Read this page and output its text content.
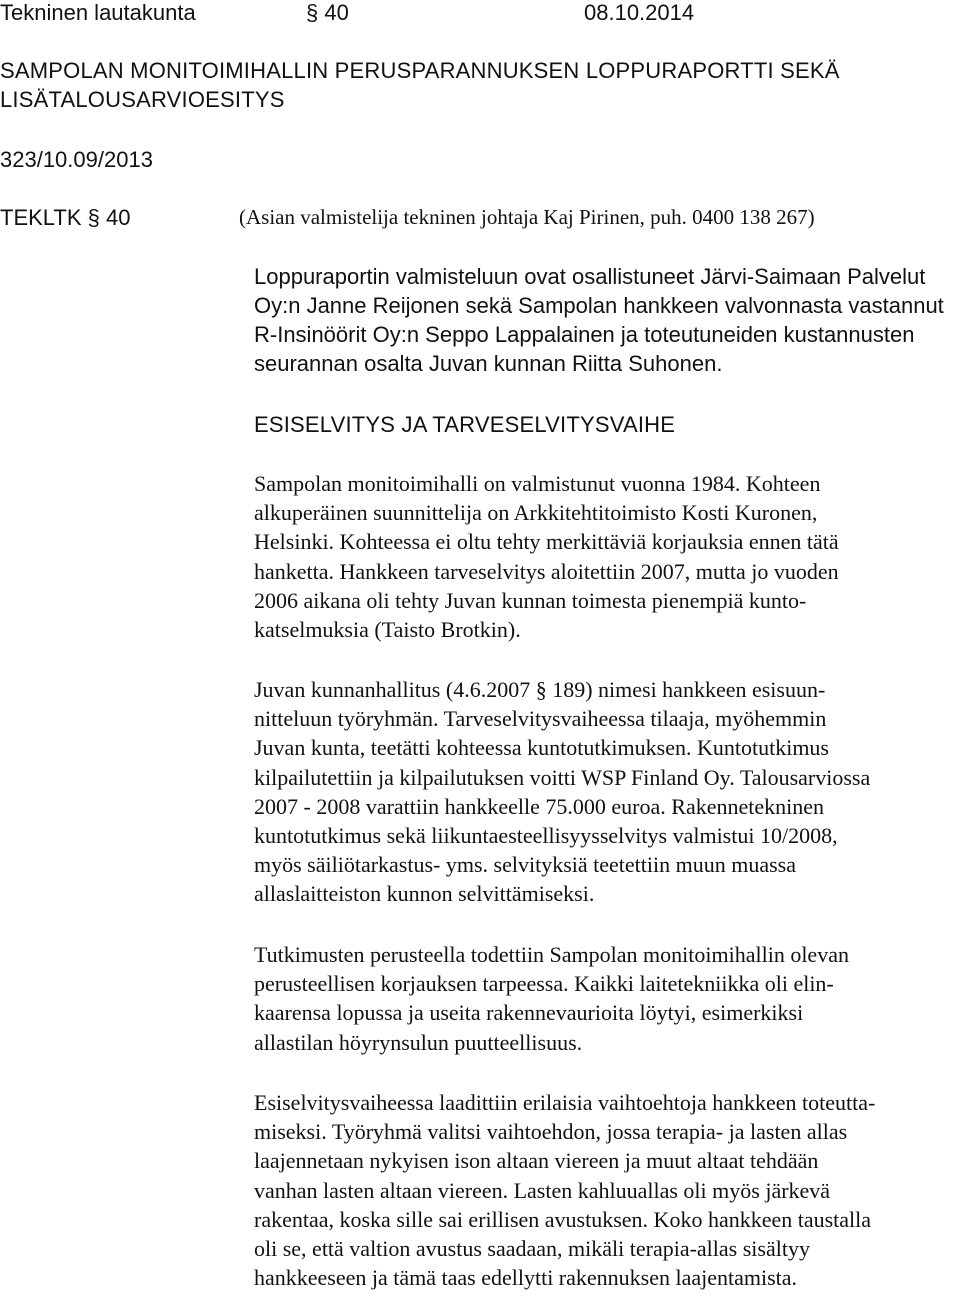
Tekninen lautakunta	§ 40	08.10.2014
SAMPOLAN MONITOIMIHALLIN PERUSPARANNUKSEN LOPPURAPORTTI SEKÄ
LISÄTALOUSARVIOESITYS
323/10.09/2013
TEKLTK § 40	(Asian valmistelija tekninen johtaja Kaj Pirinen, puh. 0400 138 267)

Loppuraportin valmisteluun ovat osallistuneet Järvi-Saimaan Palvelut

Oy:n Janne Reijonen sekä Sampolan hankkeen valvonnasta vastannut

R-Insinöörit Oy:n Seppo Lappalainen ja toteutuneiden kustannusten

seurannan osalta Juvan kunnan Riitta Suhonen.

ESISELVITYS JA TARVESELVITYSVAIHE

Sampolan monitoimihalli on valmistunut vuonna 1984. Kohteen

alkuperäinen suunnittelija on Arkkitehtitoimisto Kosti Kuronen,

Helsinki. Kohteessa ei oltu tehty merkittäviä korjauksia ennen tätä

hanketta. Hankkeen tarveselvitys aloitettiin 2007, mutta jo vuoden

2006 aikana oli tehty Juvan kunnan toimesta pienempiä kunto-

katselmuksia (Taisto Brotkin).

Juvan kunnanhallitus (4.6.2007 § 189) nimesi hankkeen esisuun-

nitteluun työryhmän. Tarveselvitysvaiheessa tilaaja, myöhemmin

Juvan kunta, teetätti kohteessa kuntotutkimuksen. Kuntotutkimus

kilpailutettiin ja kilpailutuksen voitti WSP Finland Oy. Talousarviossa

2007 - 2008 varattiin hankkeelle 75.000 euroa. Rakennetekninen

kuntotutkimus sekä liikuntaesteellisyysselvitys valmistui 10/2008,

myös säiliötarkastus- yms. selvityksiä teetettiin muun muassa

allaslaitteiston kunnon selvittämiseksi.

Tutkimusten perusteella todettiin Sampolan monitoimihallin olevan

perusteellisen korjauksen tarpeessa. Kaikki laitetekniikka oli elin-

kaarensa lopussa ja useita rakennevaurioita löytyi, esimerkiksi

allastilan höyrynsulun puutteellisuus.

Esiselvitysvaiheessa laadittiin erilaisia vaihtoehtoja hankkeen toteutta-

miseksi. Työryhmä valitsi vaihtoehdon, jossa terapia- ja lasten allas

laajennetaan nykyisen ison altaan viereen ja muut altaat tehdään

vanhan lasten altaan viereen. Lasten kahluuallas oli myös järkevä

rakentaa, koska sille sai erillisen avustuksen. Koko hankkeen taustalla

oli se, että valtion avustus saadaan, mikäli terapia-allas sisältyy

hankkeeseen ja tämä taas edellytti rakennuksen laajentamista.
